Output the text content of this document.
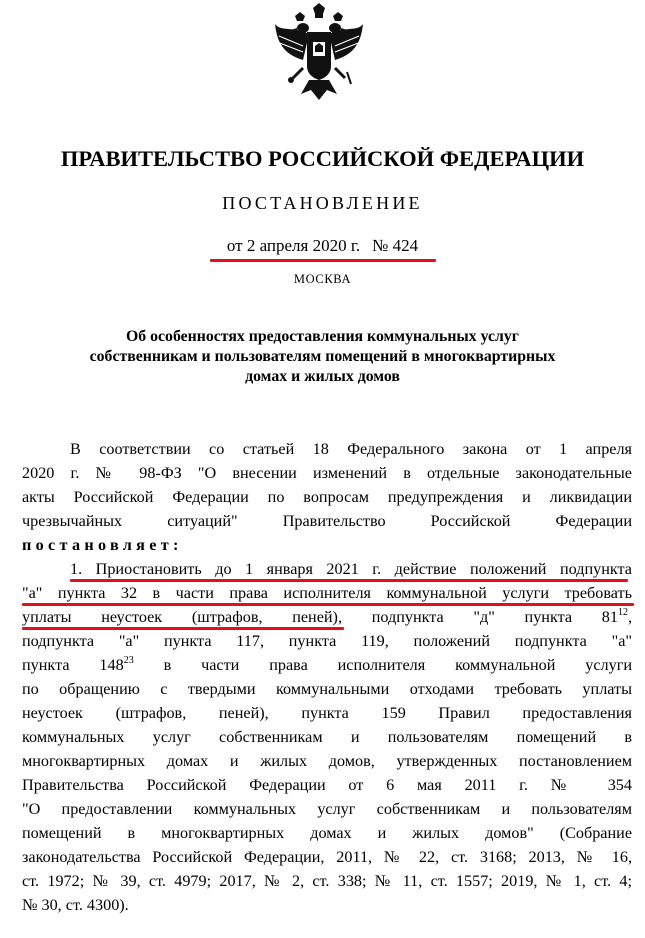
ПРАВИТЕЛЬСТВО РОССИЙСКОЙ ФЕДЕРАЦИИ
ПОСТАНОВЛЕНИЕ
от 2 апреля 2020 г. № 424
МОСКВА
Об особенностях предоставления коммунальных услуг
собственникам и пользователям помещений в многоквартирных
домах и жилых домов
В соответствии со статьей 18 Федерального закона от 1 апреля
2020 г. № 98-ФЗ "О внесении изменений в отдельные законодательные
акты Российской Федерации по вопросам предупреждения и ликвидации
чрезвычайных ситуаций" Правительство Российской Федерации
постановляет:
1. Приостановить до 1 января 2021 г. действие положений подпункта
"а" пункта 32 в части права исполнителя коммунальной услуги требовать
уплаты неустоек (штрафов, пеней), подпункта "д" пункта $81^{12}$,
подпункта "а" пункта 117, пункта 119, положений подпункта "а"
пункта $148^{23}$ в части права исполнителя коммунальной услуги
по обращению с твердыми коммунальными отходами требовать уплаты
неустоек (штрафов, пеней), пункта 159 Правил предоставления
коммунальных услуг собственникам и пользователям помещений в
многоквартирных домах и жилых домов, утвержденных постановлением
Правительства Российской Федерации от 6 мая 2011 г. № 354
"О предоставлении коммунальных услуг собственникам и пользователям
помещений в многоквартирных домах и жилых домов" (Собрание
законодательства Российской Федерации, 2011, № 22, ст. 3168; 2013, № 16,
ст. 1972; № 39, ст. 4979; 2017, № 2, ст. 338; № 11, ст. 1557; 2019, № 1, ст. 4;
№ 30, ст. 4300).
